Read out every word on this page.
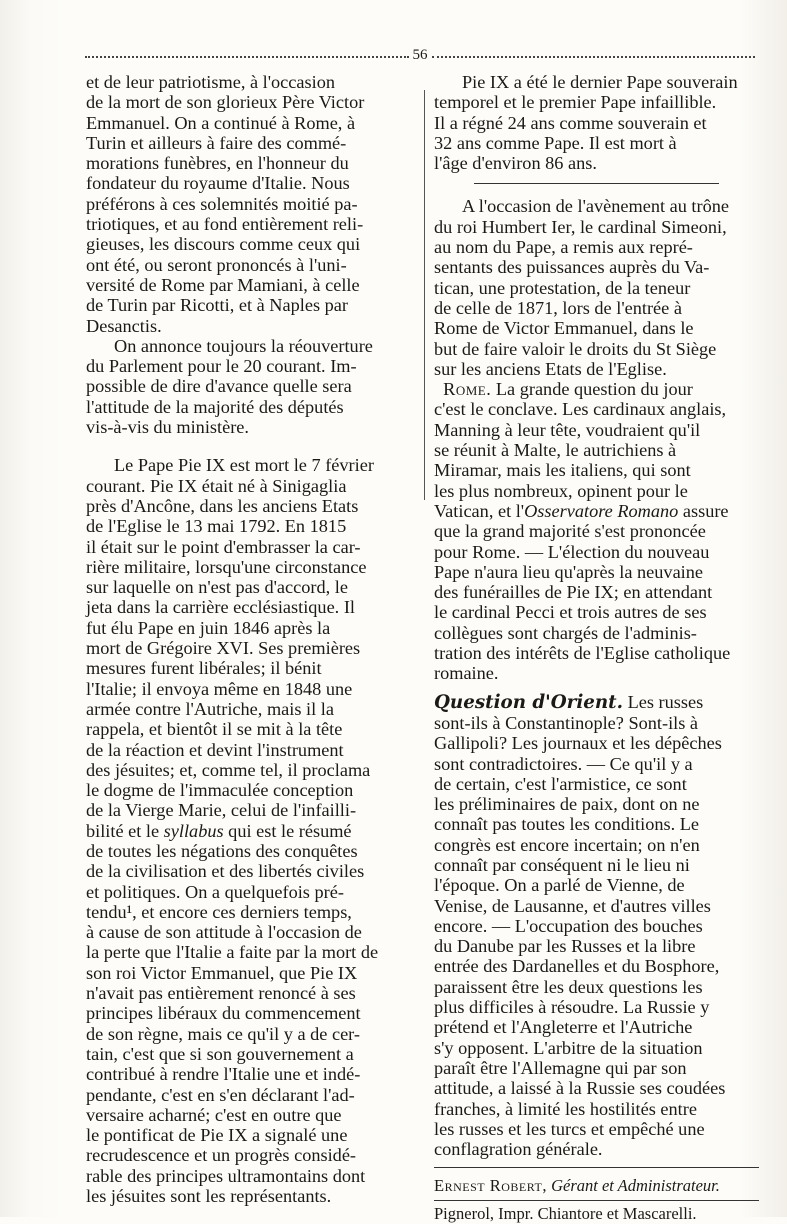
56

et de leur patriotisme, à l'occasion
de la mort de son glorieux Père Victor
Emmanuel. On a continué à Rome, à
Turin et ailleurs à faire des commé-
morations funèbres, en l'honneur du
fondateur du royaume d'Italie. Nous
préférons à ces solemnités moitié pa-
triotiques, et au fond entièrement reli-
gieuses, les discours comme ceux qui
ont été, ou seront prononcés à l'uni-
versité de Rome par Mamiani, à celle
de Turin par Ricotti, et à Naples par
Desanctis.

On annonce toujours la réouverture
du Parlement pour le 20 courant. Im-
possible de dire d'avance quelle sera
l'attitude de la majorité des députés
vis-à-vis du ministère.

Le Pape Pie IX est mort le 7 février
courant. Pie IX était né à Sinigaglia
près d'Ancône, dans les anciens Etats
de l'Eglise le 13 mai 1792. En 1815
il était sur le point d'embrasser la car-
rière militaire, lorsqu'une circonstance
sur laquelle on n'est pas d'accord, le
jeta dans la carrière ecclésiastique. Il
fut élu Pape en juin 1846 après la
mort de Grégoire XVI. Ses premières
mesures furent libérales; il bénit
l'Italie; il envoya même en 1848 une
armée contre l'Autriche, mais il la
rappela, et bientôt il se mit à la tête
de la réaction et devint l'instrument
des jésuites; et, comme tel, il proclama
le dogme de l'immaculée conception
de la Vierge Marie, celui de l'infailli-
bilité et le syllabus qui est le résumé
de toutes les négations des conquêtes
de la civilisation et des libertés civiles
et politiques. On a quelquefois pré-
tendu¹, et encore ces derniers temps,
à cause de son attitude à l'occasion de
la perte que l'Italie a faite par la mort de
son roi Victor Emmanuel, que Pie IX
n'avait pas entièrement renoncé à ses
principes libéraux du commencement
de son règne, mais ce qu'il y a de cer-
tain, c'est que si son gouvernement a
contribué à rendre l'Italie une et indé-
pendante, c'est en s'en déclarant l'ad-
versaire acharné; c'est en outre que
le pontificat de Pie IX a signalé une
recrudescence et un progrès considé-
rable des principes ultramontains dont
les jésuites sont les représentants.

Pie IX a été le dernier Pape souverain
temporel et le premier Pape infaillible.
Il a régné 24 ans comme souverain et
32 ans comme Pape. Il est mort à
l'âge d'environ 86 ans.

A l'occasion de l'avènement au trône
du roi Humbert Ier, le cardinal Simeoni,
au nom du Pape, a remis aux repré-
sentants des puissances auprès du Va-
tican, une protestation, de la teneur
de celle de 1871, lors de l'entrée à
Rome de Victor Emmanuel, dans le
but de faire valoir le droits du St Siège
sur les anciens Etats de l'Eglise.

Rome. La grande question du jour
c'est le conclave. Les cardinaux anglais,
Manning à leur tête, voudraient qu'il
se réunit à Malte, le autrichiens à
Miramar, mais les italiens, qui sont
les plus nombreux, opinent pour le
Vatican, et l'Osservatore Romano assure
que la grand majorité s'est prononcée
pour Rome. — L'élection du nouveau
Pape n'aura lieu qu'après la neuvaine
des funérailles de Pie IX; en attendant
le cardinal Pecci et trois autres de ses
collègues sont chargés de l'adminis-
tration des intérêts de l'Eglise catholique
romaine.

Question d'Orient. Les russes
sont-ils à Constantinople? Sont-ils à
Gallipoli? Les journaux et les dépêches
sont contradictoires. — Ce qu'il y a
de certain, c'est l'armistice, ce sont
les préliminaires de paix, dont on ne
connaît pas toutes les conditions. Le
congrès est encore incertain; on n'en
connaît par conséquent ni le lieu ni
l'époque. On a parlé de Vienne, de
Venise, de Lausanne, et d'autres villes
encore. — L'occupation des bouches
du Danube par les Russes et la libre
entrée des Dardanelles et du Bosphore,
paraissent être les deux questions les
plus difficiles à résoudre. La Russie y
prétend et l'Angleterre et l'Autriche
s'y opposent. L'arbitre de la situation
paraît être l'Allemagne qui par son
attitude, a laissé à la Russie ses coudées
franches, à limité les hostilités entre
les russes et les turcs et empêché une
conflagration générale.

Ernest Robert, Gérant et Administrateur.
Pignerol, Impr. Chiantore et Mascarelli.
